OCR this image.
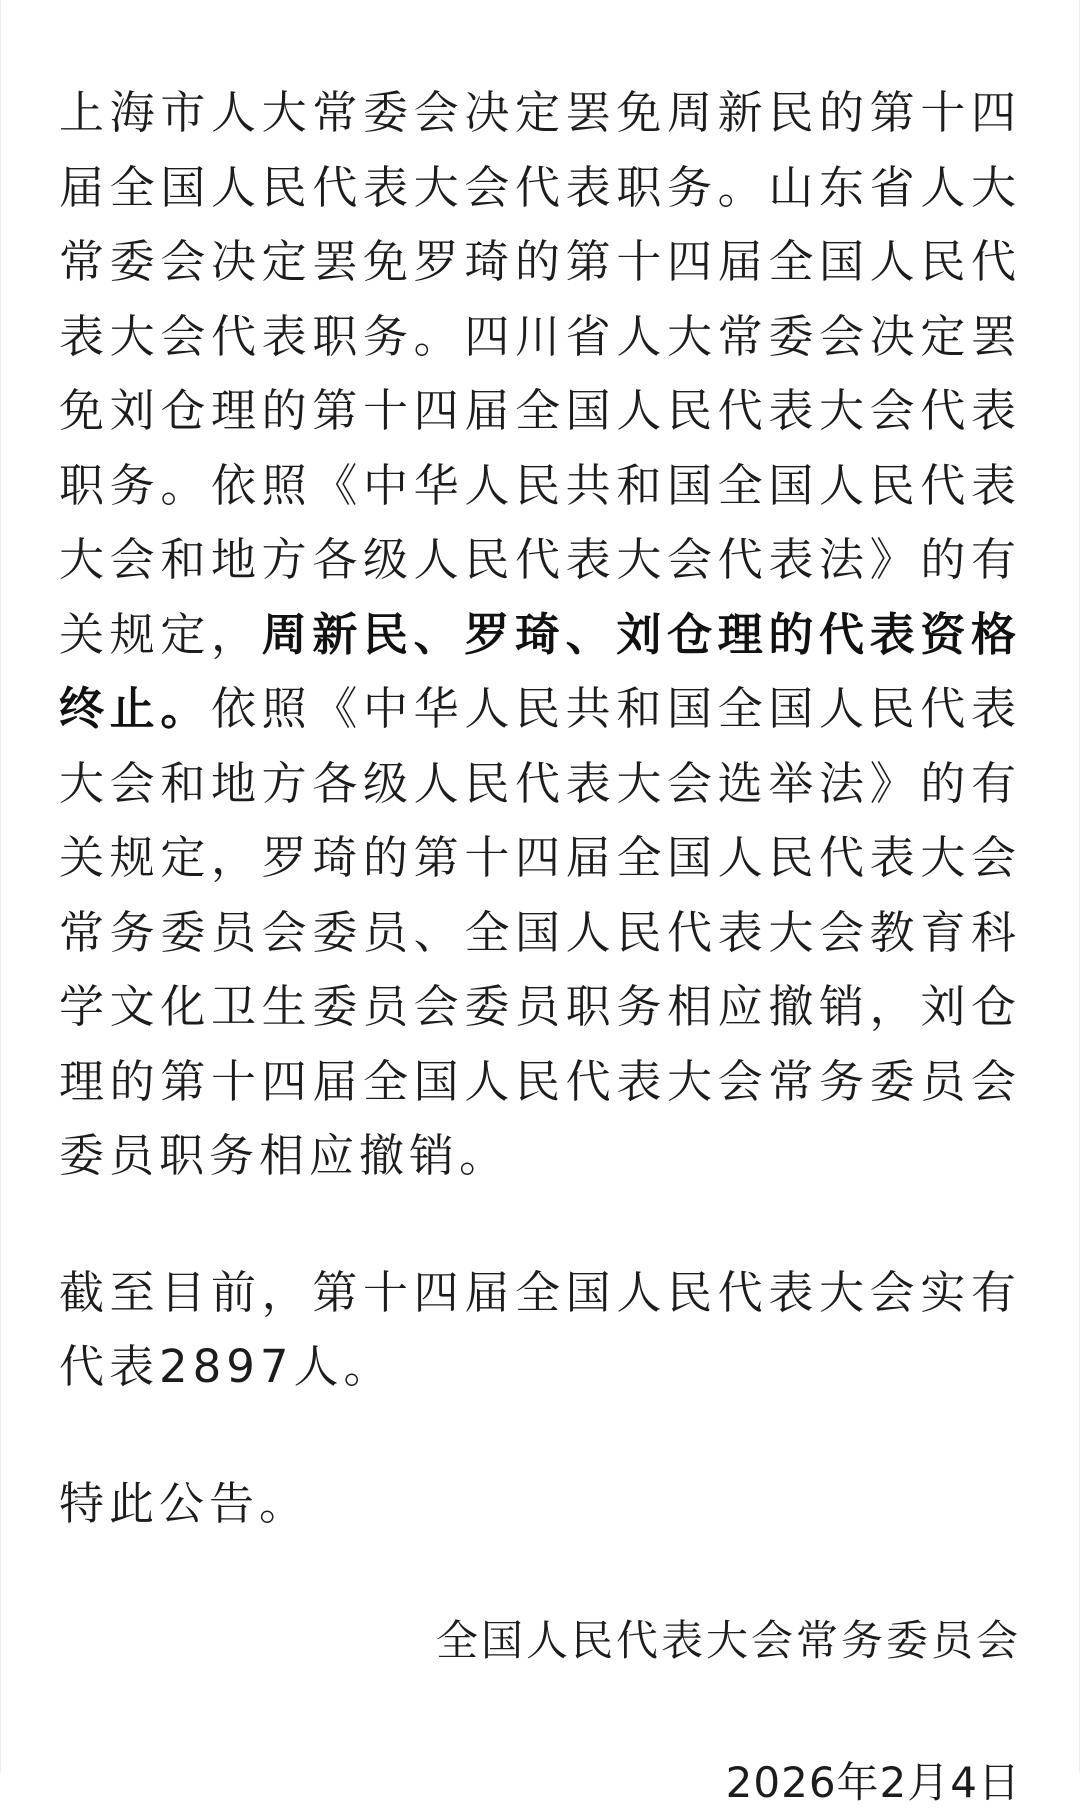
上海市人大常委会决定罢免周新民的第十四届全国人民代表大会代表职务。山东省人大常委会决定罢免罗琦的第十四届全国人民代表大会代表职务。四川省人大常委会决定罢免刘仓理的第十四届全国人民代表大会代表职务。依照《中华人民共和国全国人民代表大会和地方各级人民代表大会代表法》的有关规定，周新民、罗琦、刘仓理的代表资格终止。依照《中华人民共和国全国人民代表大会和地方各级人民代表大会选举法》的有关规定，罗琦的第十四届全国人民代表大会常务委员会委员、全国人民代表大会教育科学文化卫生委员会委员职务相应撤销，刘仓理的第十四届全国人民代表大会常务委员会委员职务相应撤销。

截至目前，第十四届全国人民代表大会实有代表2897人。

特此公告。

全国人民代表大会常务委员会

2026年2月4日
